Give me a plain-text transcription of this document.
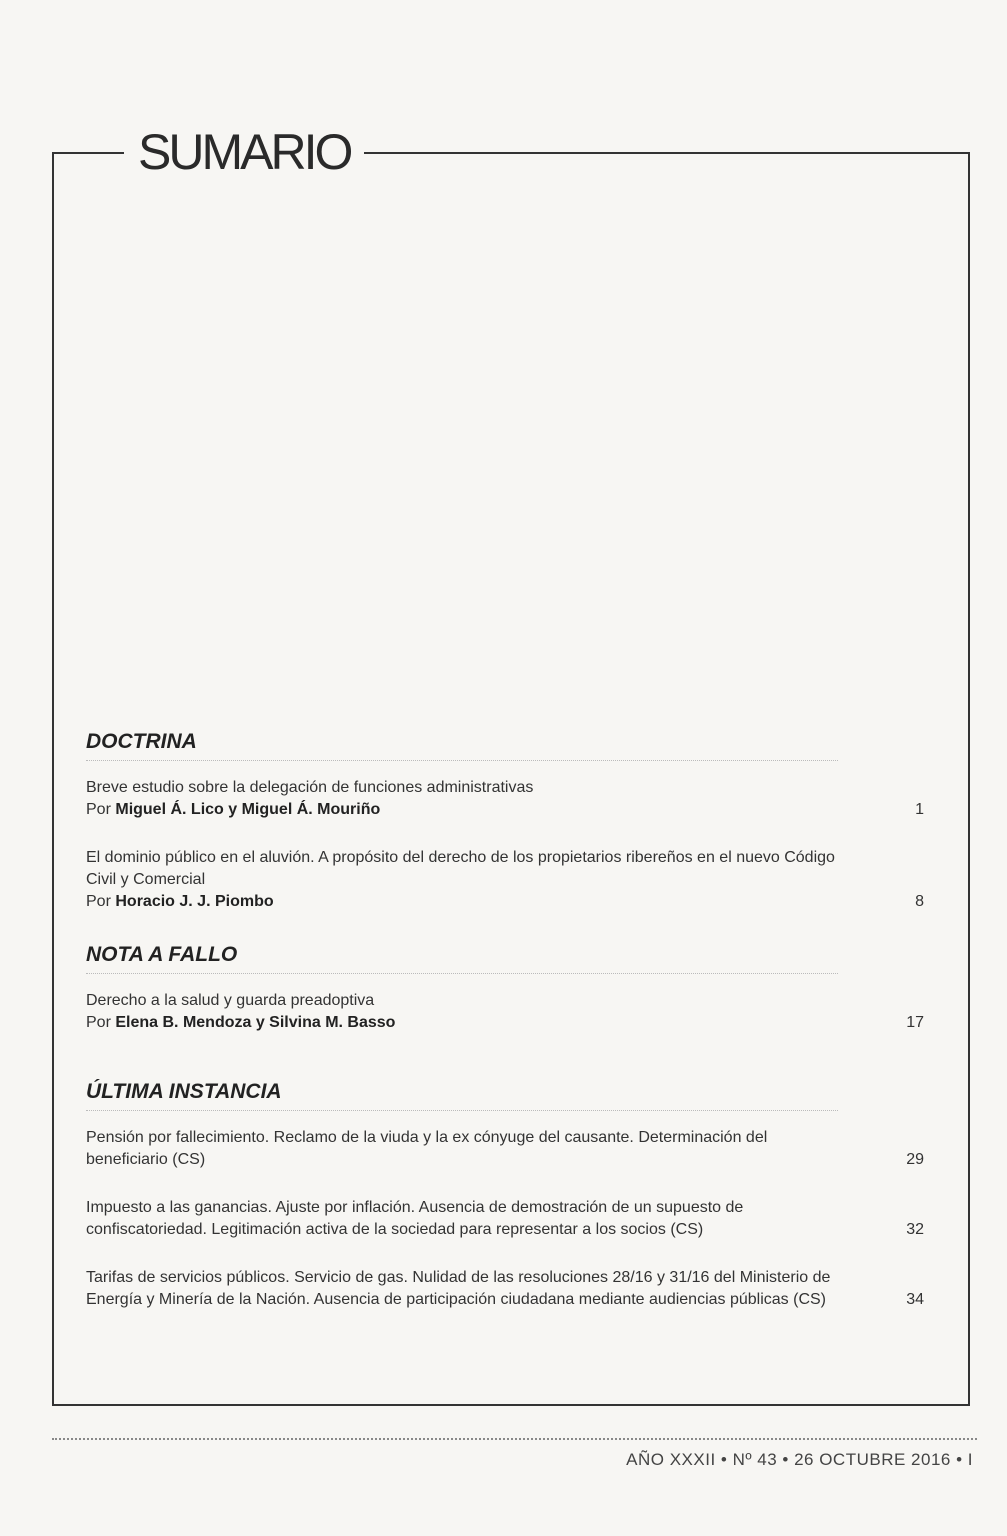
SUMARIO
DOCTRINA
Breve estudio sobre la delegación de funciones administrativas
Por Miguel Á. Lico y Miguel Á. Mouriño	1
El dominio público en el aluvión. A propósito del derecho de los propietarios ribereños en el nuevo Código Civil y Comercial
Por Horacio J. J. Piombo	8
NOTA A FALLO
Derecho a la salud y guarda preadoptiva
Por Elena B. Mendoza y Silvina M. Basso	17
ÚLTIMA INSTANCIA
Pensión por fallecimiento. Reclamo de la viuda y la ex cónyuge del causante. Determinación del beneficiario (CS)	29
Impuesto a las ganancias. Ajuste por inflación. Ausencia de demostración de un supuesto de confiscatoriedad. Legitimación activa de la sociedad para representar a los socios (CS)	32
Tarifas de servicios públicos. Servicio de gas. Nulidad de las resoluciones 28/16 y 31/16 del Ministerio de Energía y Minería de la Nación. Ausencia de participación ciudadana mediante audiencias públicas (CS)	34
AÑO XXXII • Nº 43 • 26 OCTUBRE 2016 • I
